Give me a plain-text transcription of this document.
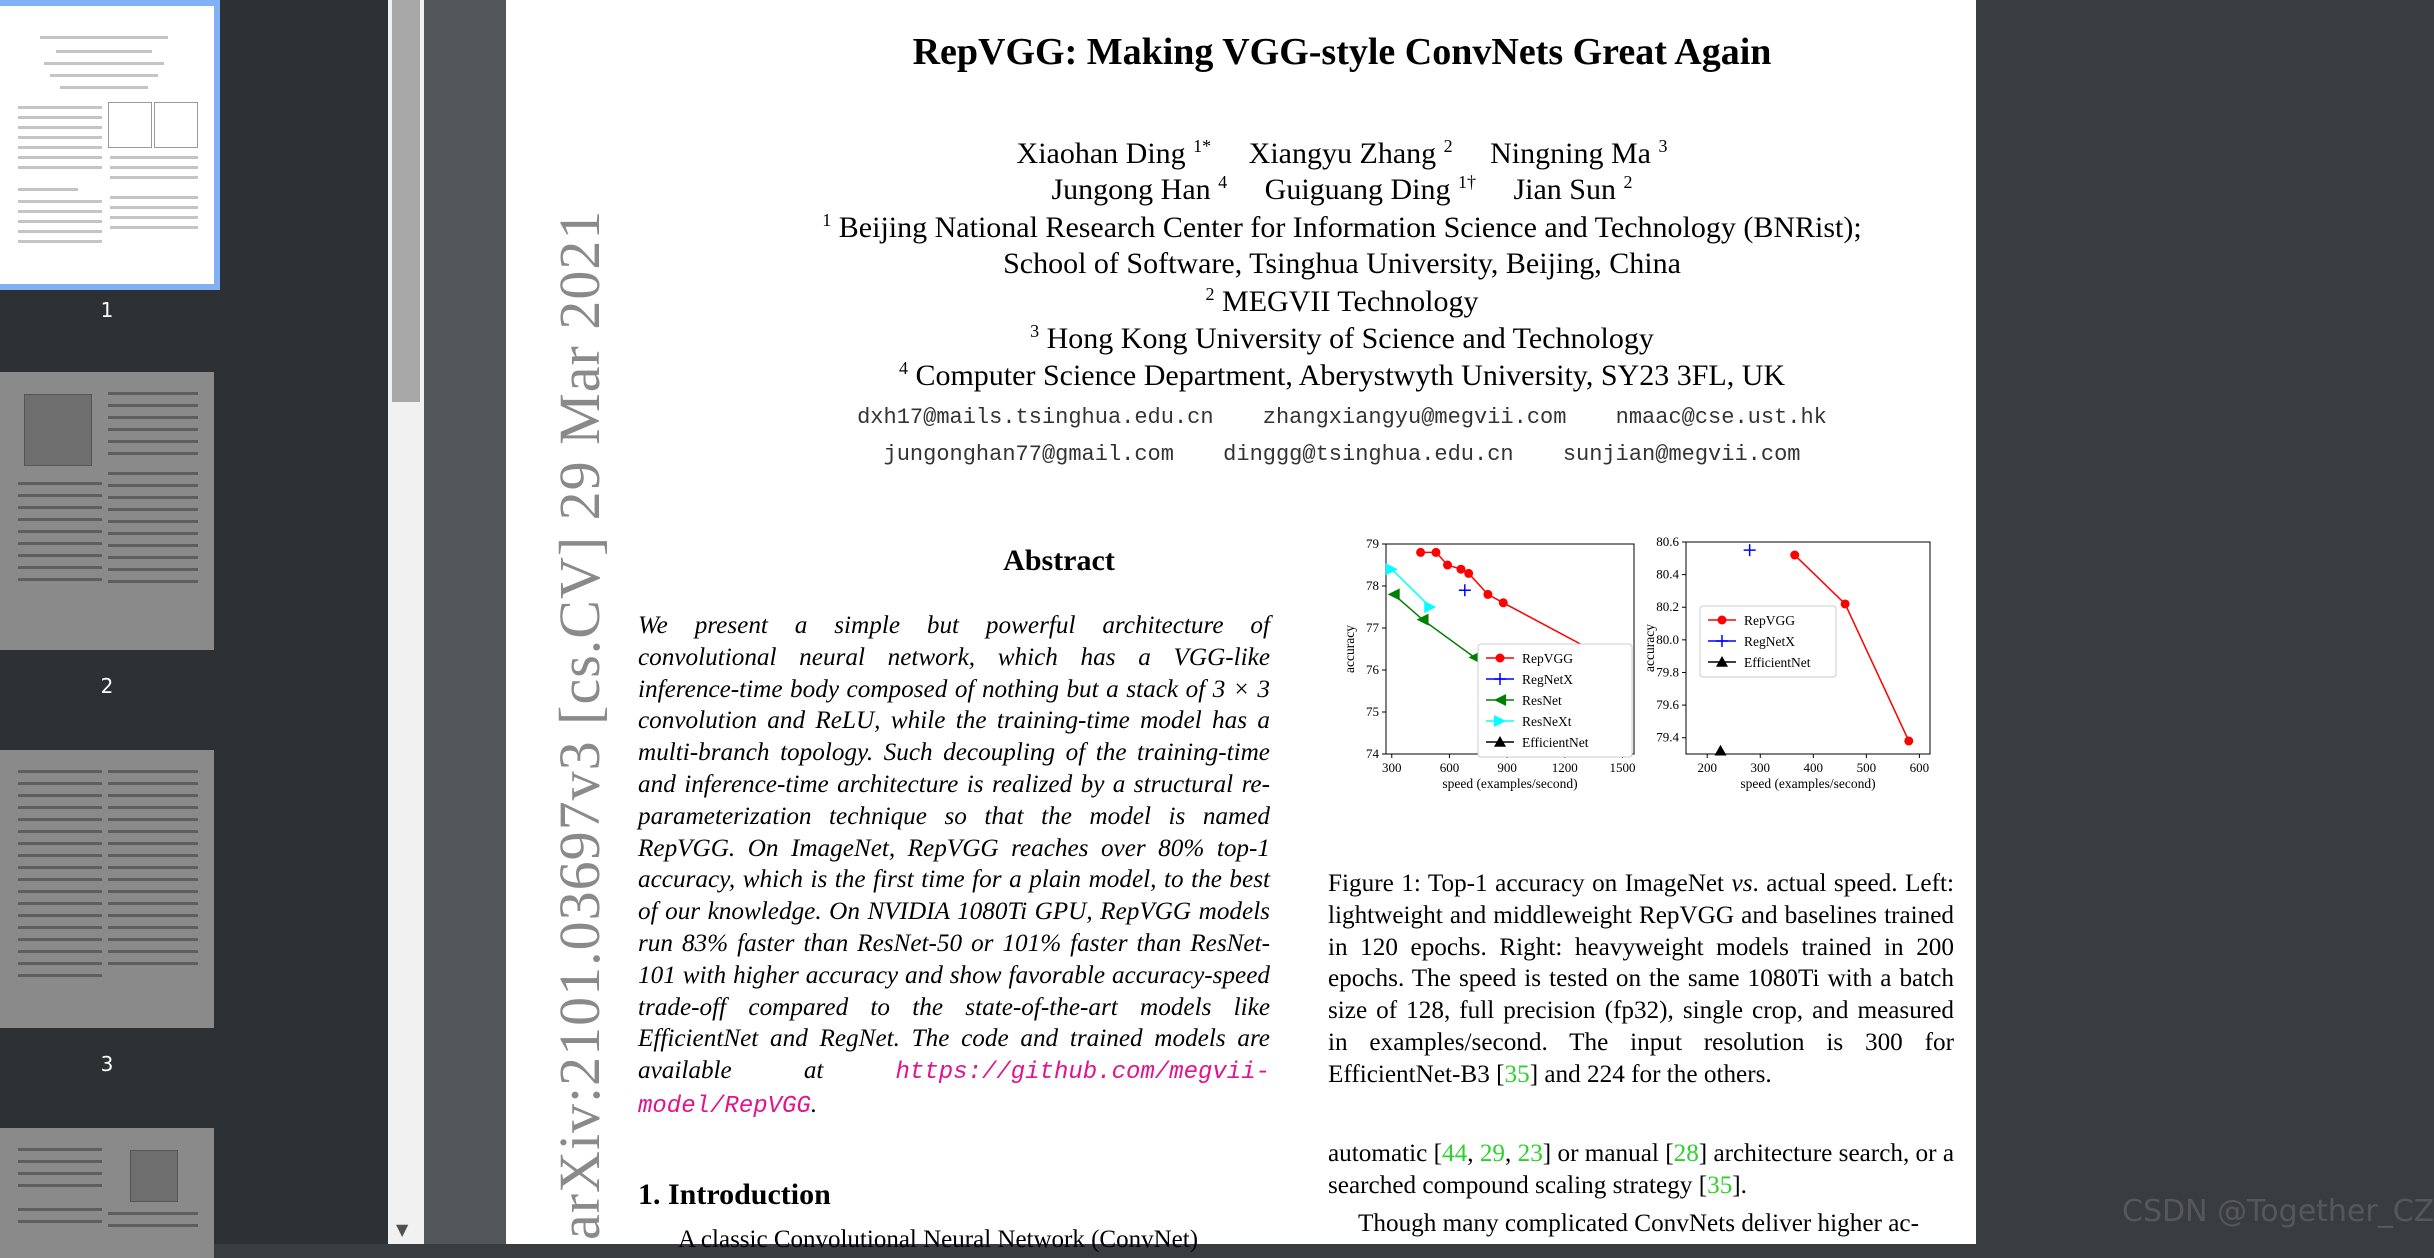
1
2
3
▼ arXiv:2101.03697v3 [cs.CV] 29 Mar 2021
RepVGG: Making VGG-style ConvNets Great Again
Xiaohan Ding $^{1*}$ Xiangyu Zhang $^2$ Ningning Ma $^3$
Jungong Han $^4$ Guiguang Ding $^{1\dagger}$ Jian Sun $^2$
$^1$ Beijing National Research Center for Information Science and Technology (BNRist);
School of Software, Tsinghua University, Beijing, China
$^2$ MEGVII Technology
$^3$ Hong Kong University of Science and Technology
$^4$ Computer Science Department, Aberystwyth University, SY23 3FL, UK
dxh17@mails.tsinghua.edu.cn zhangxiangyu@megvii.com nmaac@cse.ust.hk
jungonghan77@gmail.com dinggg@tsinghua.edu.cn sunjian@megvii.com
Abstract
We present a simple but powerful architecture of convolutional neural network, which has a VGG-like inference-time body composed of nothing but a stack of 3 × 3 convolution and ReLU, while the training-time model has a multi-branch topology. Such decoupling of the training-time and inference-time architecture is realized by a structural re-parameterization technique so that the model is named RepVGG. On ImageNet, RepVGG reaches over 80% top-1 accuracy, which is the first time for a plain model, to the best of our knowledge. On NVIDIA 1080Ti GPU, RepVGG models run 83% faster than ResNet-50 or 101% faster than ResNet-101 with higher accuracy and show favorable accuracy-speed trade-off compared to the state-of-the-art models like EfficientNet and RegNet. The code and trained models are available at https://github.com/megvii-model/RepVGG.
1. Introduction
A classic Convolutional Neural Network (ConvNet)
300	600	900	1200 1500
74
75
76
77
78
79
speed (examples/second)
accuracy	RepVGG
RegNetX
ResNet
ResNeXt
EfficientNet
200	300	400	500	600
79.4
79.6
79.8
80.0
80.2
80.4
80.6
speed (examples/second)
accuracy
RepVGG
RegNetX
EfficientNet
Figure 1: Top-1 accuracy on ImageNet vs. actual speed. Left: lightweight and middleweight RepVGG and baselines trained in 120 epochs. Right: heavyweight models trained in 200 epochs. The speed is tested on the same 1080Ti with a batch size of 128, full precision (fp32), single crop, and measured in examples/second. The input resolution is 300 for EfficientNet-B3 [35] and 224 for the others.
automatic [44, 29, 23] or manual [28] architecture search, or a searched compound scaling strategy [35].
Though many complicated ConvNets deliver higher ac-	CSDN @Together_CZ
